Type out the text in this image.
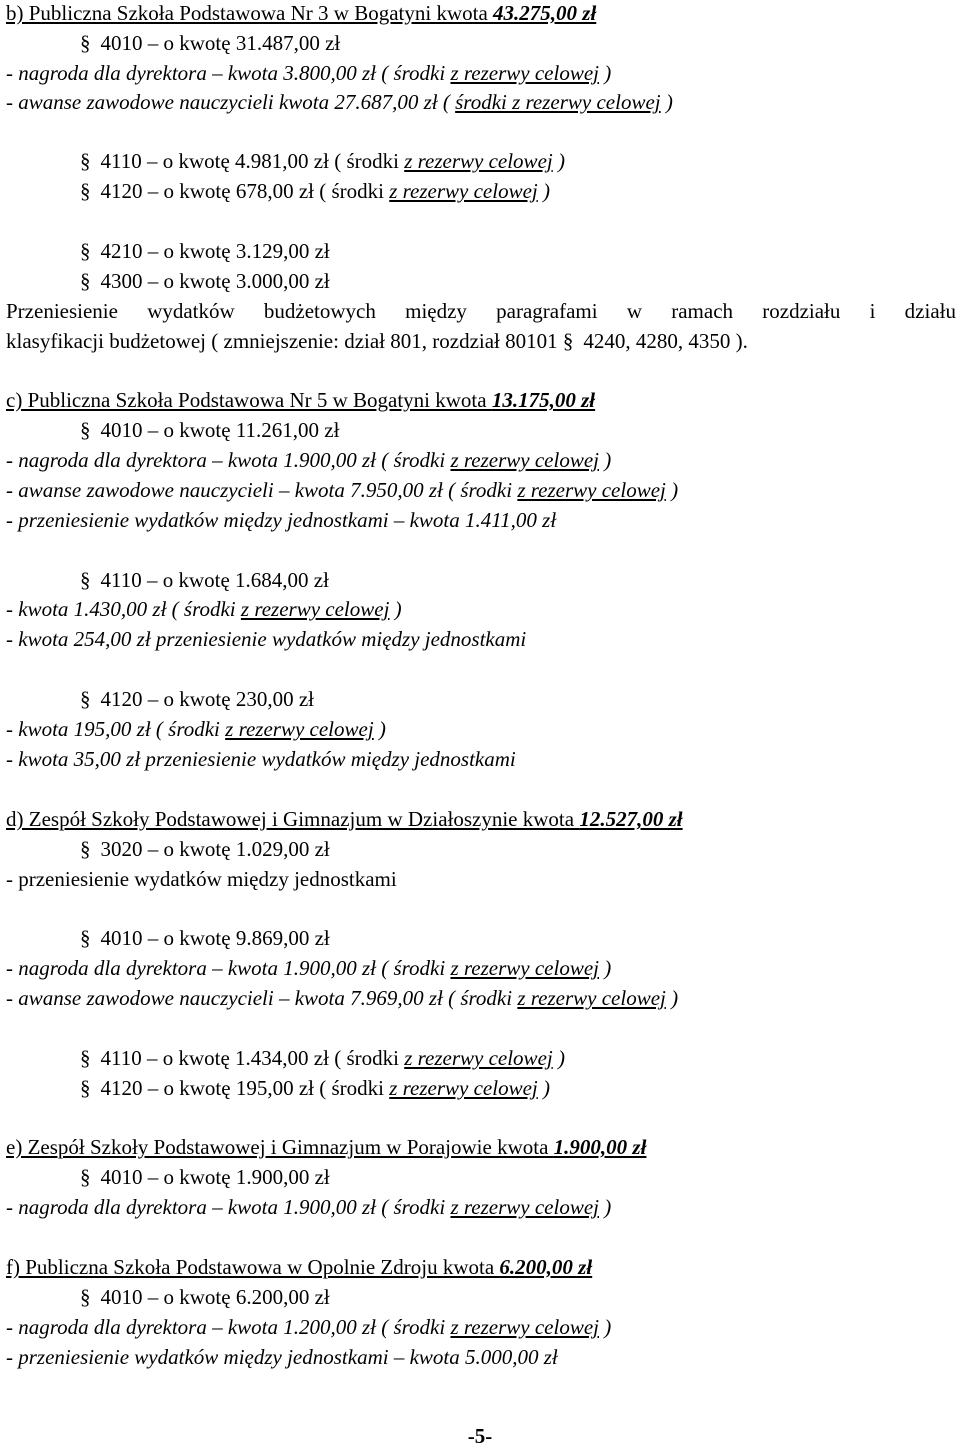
b) Publiczna Szkoła Podstawowa Nr 3 w Bogatyni kwota 43.275,00 zł
§ 4010 – o kwotę 31.487,00 zł
- nagroda dla dyrektora – kwota 3.800,00 zł ( środki z rezerwy celowej )
- awanse zawodowe nauczycieli kwota 27.687,00 zł ( środki z rezerwy celowej )
§ 4110 – o kwotę 4.981,00 zł ( środki z rezerwy celowej )
§ 4120 – o kwotę 678,00 zł ( środki z rezerwy celowej )
§ 4210 – o kwotę 3.129,00 zł
§ 4300 – o kwotę 3.000,00 zł
Przeniesienie wydatków budżetowych między paragrafami w ramach rozdziału i działu
klasyfikacji budżetowej ( zmniejszenie: dział 801, rozdział 80101 § 4240, 4280, 4350 ).
c) Publiczna Szkoła Podstawowa Nr 5 w Bogatyni kwota 13.175,00 zł
§ 4010 – o kwotę 11.261,00 zł
- nagroda dla dyrektora – kwota 1.900,00 zł ( środki z rezerwy celowej )
- awanse zawodowe nauczycieli – kwota 7.950,00 zł ( środki z rezerwy celowej )
- przeniesienie wydatków między jednostkami – kwota 1.411,00 zł
§ 4110 – o kwotę 1.684,00 zł
- kwota 1.430,00 zł ( środki z rezerwy celowej )
- kwota 254,00 zł przeniesienie wydatków między jednostkami
§ 4120 – o kwotę 230,00 zł
- kwota 195,00 zł ( środki z rezerwy celowej )
- kwota 35,00 zł przeniesienie wydatków między jednostkami
d) Zespół Szkoły Podstawowej i Gimnazjum w Działoszynie kwota 12.527,00 zł
§ 3020 – o kwotę 1.029,00 zł
- przeniesienie wydatków między jednostkami
§ 4010 – o kwotę 9.869,00 zł
- nagroda dla dyrektora – kwota 1.900,00 zł ( środki z rezerwy celowej )
- awanse zawodowe nauczycieli – kwota 7.969,00 zł ( środki z rezerwy celowej )
§ 4110 – o kwotę 1.434,00 zł ( środki z rezerwy celowej )
§ 4120 – o kwotę 195,00 zł ( środki z rezerwy celowej )
e) Zespół Szkoły Podstawowej i Gimnazjum w Porajowie kwota 1.900,00 zł
§ 4010 – o kwotę 1.900,00 zł
- nagroda dla dyrektora – kwota 1.900,00 zł ( środki z rezerwy celowej )
f) Publiczna Szkoła Podstawowa w Opolnie Zdroju kwota 6.200,00 zł
§ 4010 – o kwotę 6.200,00 zł
- nagroda dla dyrektora – kwota 1.200,00 zł ( środki z rezerwy celowej )
- przeniesienie wydatków między jednostkami – kwota 5.000,00 zł
-5-
